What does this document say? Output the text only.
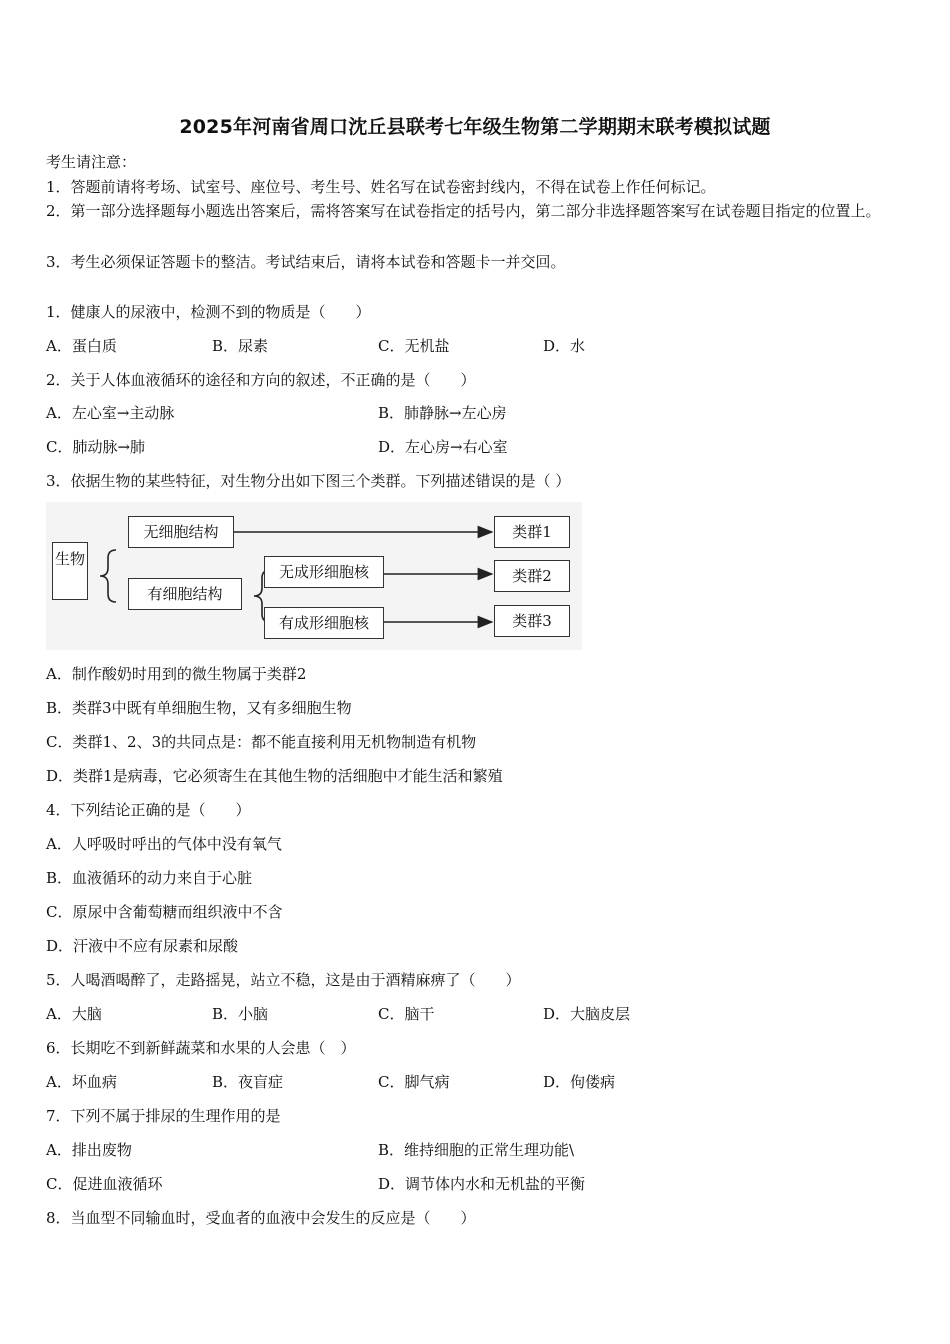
2025年河南省周口沈丘县联考七年级生物第二学期期末联考模拟试题
考生请注意：
1．答题前请将考场、试室号、座位号、考生号、姓名写在试卷密封线内，不得在试卷上作任何标记。
2．第一部分选择题每小题选出答案后，需将答案写在试卷指定的括号内，第二部分非选择题答案写在试卷题目指定的位置上。
3．考生必须保证答题卡的整洁。考试结束后，请将本试卷和答题卡一并交回。
1．健康人的尿液中，检测不到的物质是（　　）
A．蛋白质	B．尿素	C．无机盐	D．水
2．关于人体血液循环的途径和方向的叙述，不正确的是（　　）
A．左心室→主动脉	B．肺静脉→左心房
C．肺动脉→肺	D．左心房→右心室
3．依据生物的某些特征，对生物分出如下图三个类群。下列描述错误的是（ ）
生物
无细胞结构
有细胞结构
无成形细胞核
有成形细胞核
类群1
类群2
类群3
A．制作酸奶时用到的微生物属于类群2
B．类群3中既有单细胞生物，又有多细胞生物
C．类群1、2、3的共同点是：都不能直接利用无机物制造有机物
D．类群1是病毒，它必须寄生在其他生物的活细胞中才能生活和繁殖
4．下列结论正确的是（　　）
A．人呼吸时呼出的气体中没有氧气
B．血液循环的动力来自于心脏
C．原尿中含葡萄糖而组织液中不含
D．汗液中不应有尿素和尿酸
5．人喝酒喝醉了，走路摇晃，站立不稳，这是由于酒精麻痹了（　　）
A．大脑	B．小脑	C．脑干	D．大脑皮层
6．长期吃不到新鲜蔬菜和水果的人会患（　）
A．坏血病	B．夜盲症	C．脚气病	D．佝偻病
7．下列不属于排尿的生理作用的是
A．排出废物	B．维持细胞的正常生理功能\
C．促进血液循环	D．调节体内水和无机盐的平衡
8．当血型不同输血时，受血者的血液中会发生的反应是（　　）
